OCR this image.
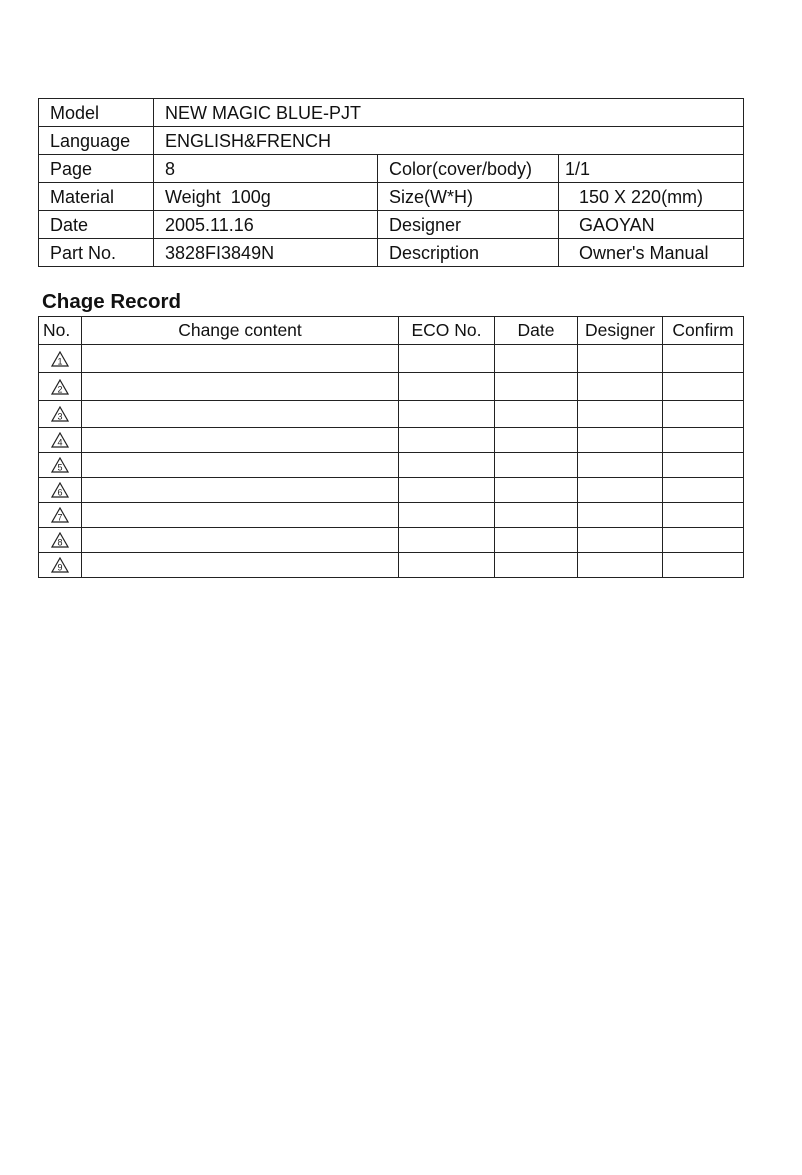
Model	NEW MAGIC BLUE-PJT		
Language	ENGLISH&FRENCH		
Page	8	Color(cover/body)	1/1
Material	Weight  100g	Size(W*H)	150 X 220(mm)
Date	2005.11.16	Designer	GAOYAN
Part No.	3828FI3849N	Description	Owner's Manual
Chage Record
No.	Change content	ECO No.	Date	Designer	Confirm

1					

2					

3					

4					

5					

6					

7					

8					

9					
